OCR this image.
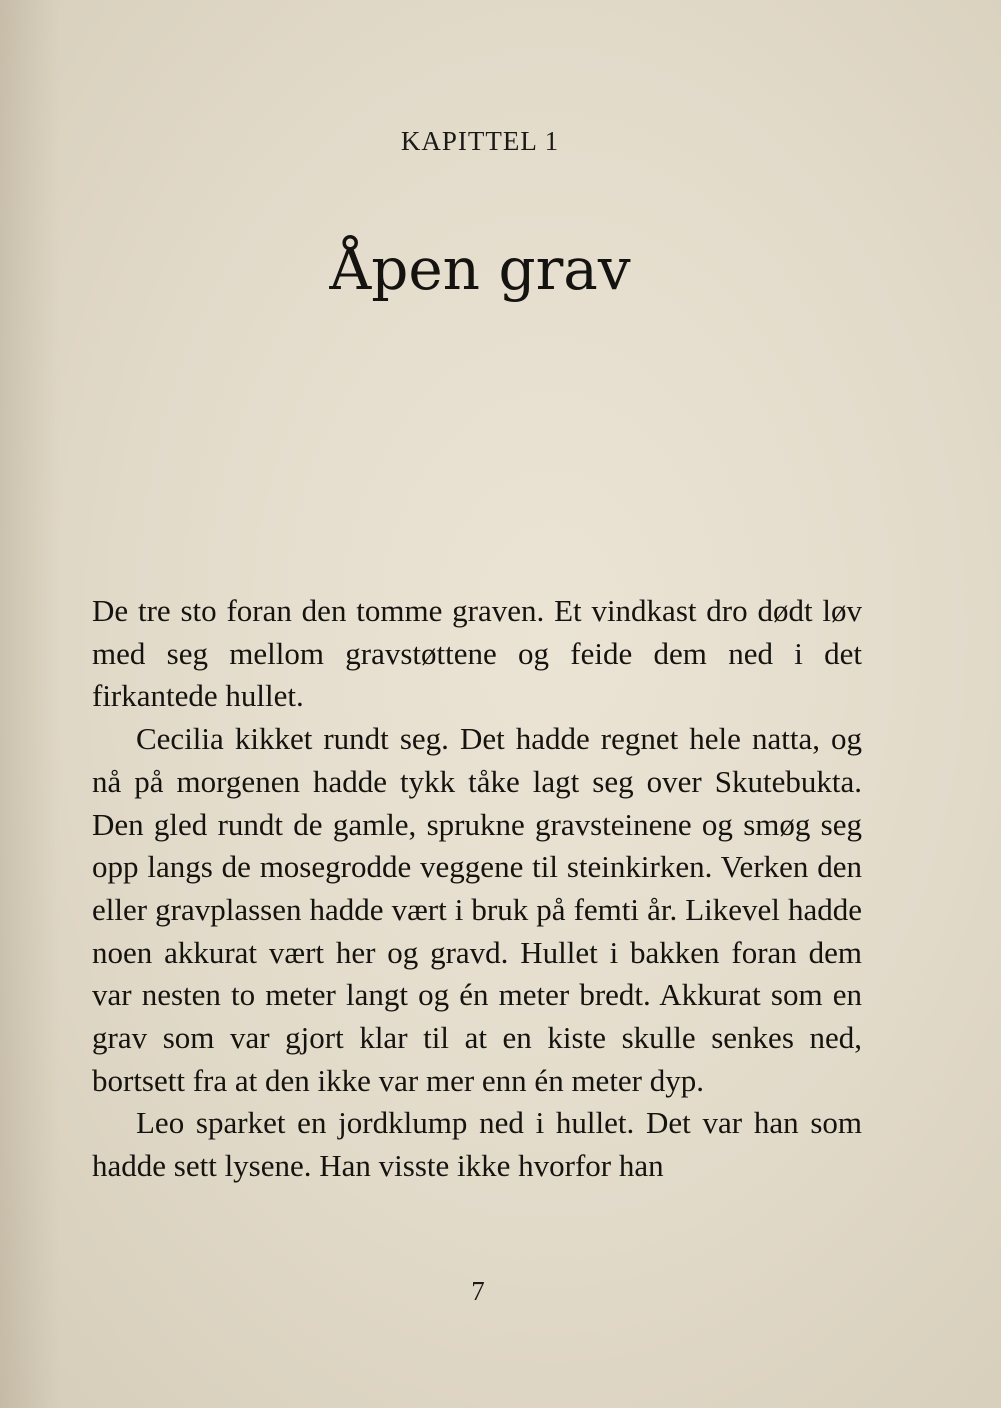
KAPITTEL 1
Åpen grav

De tre sto foran den tomme graven. Et vindkast dro dødt løv med seg mellom gravstøttene og feide dem ned i det firkantede hullet.

Cecilia kikket rundt seg. Det hadde regnet hele natta, og nå på morgenen hadde tykk tåke lagt seg over Skutebukta. Den gled rundt de gamle, sprukne gravsteinene og smøg seg opp langs de mosegrodde veggene til steinkirken. Verken den eller gravplassen hadde vært i bruk på femti år. Likevel hadde noen akkurat vært her og gravd. Hullet i bakken foran dem var nesten to meter langt og én meter bredt. Akkurat som en grav som var gjort klar til at en kiste skulle senkes ned, bortsett fra at den ikke var mer enn én meter dyp.

Leo sparket en jordklump ned i hullet. Det var han som hadde sett lysene. Han visste ikke hvorfor han

7
